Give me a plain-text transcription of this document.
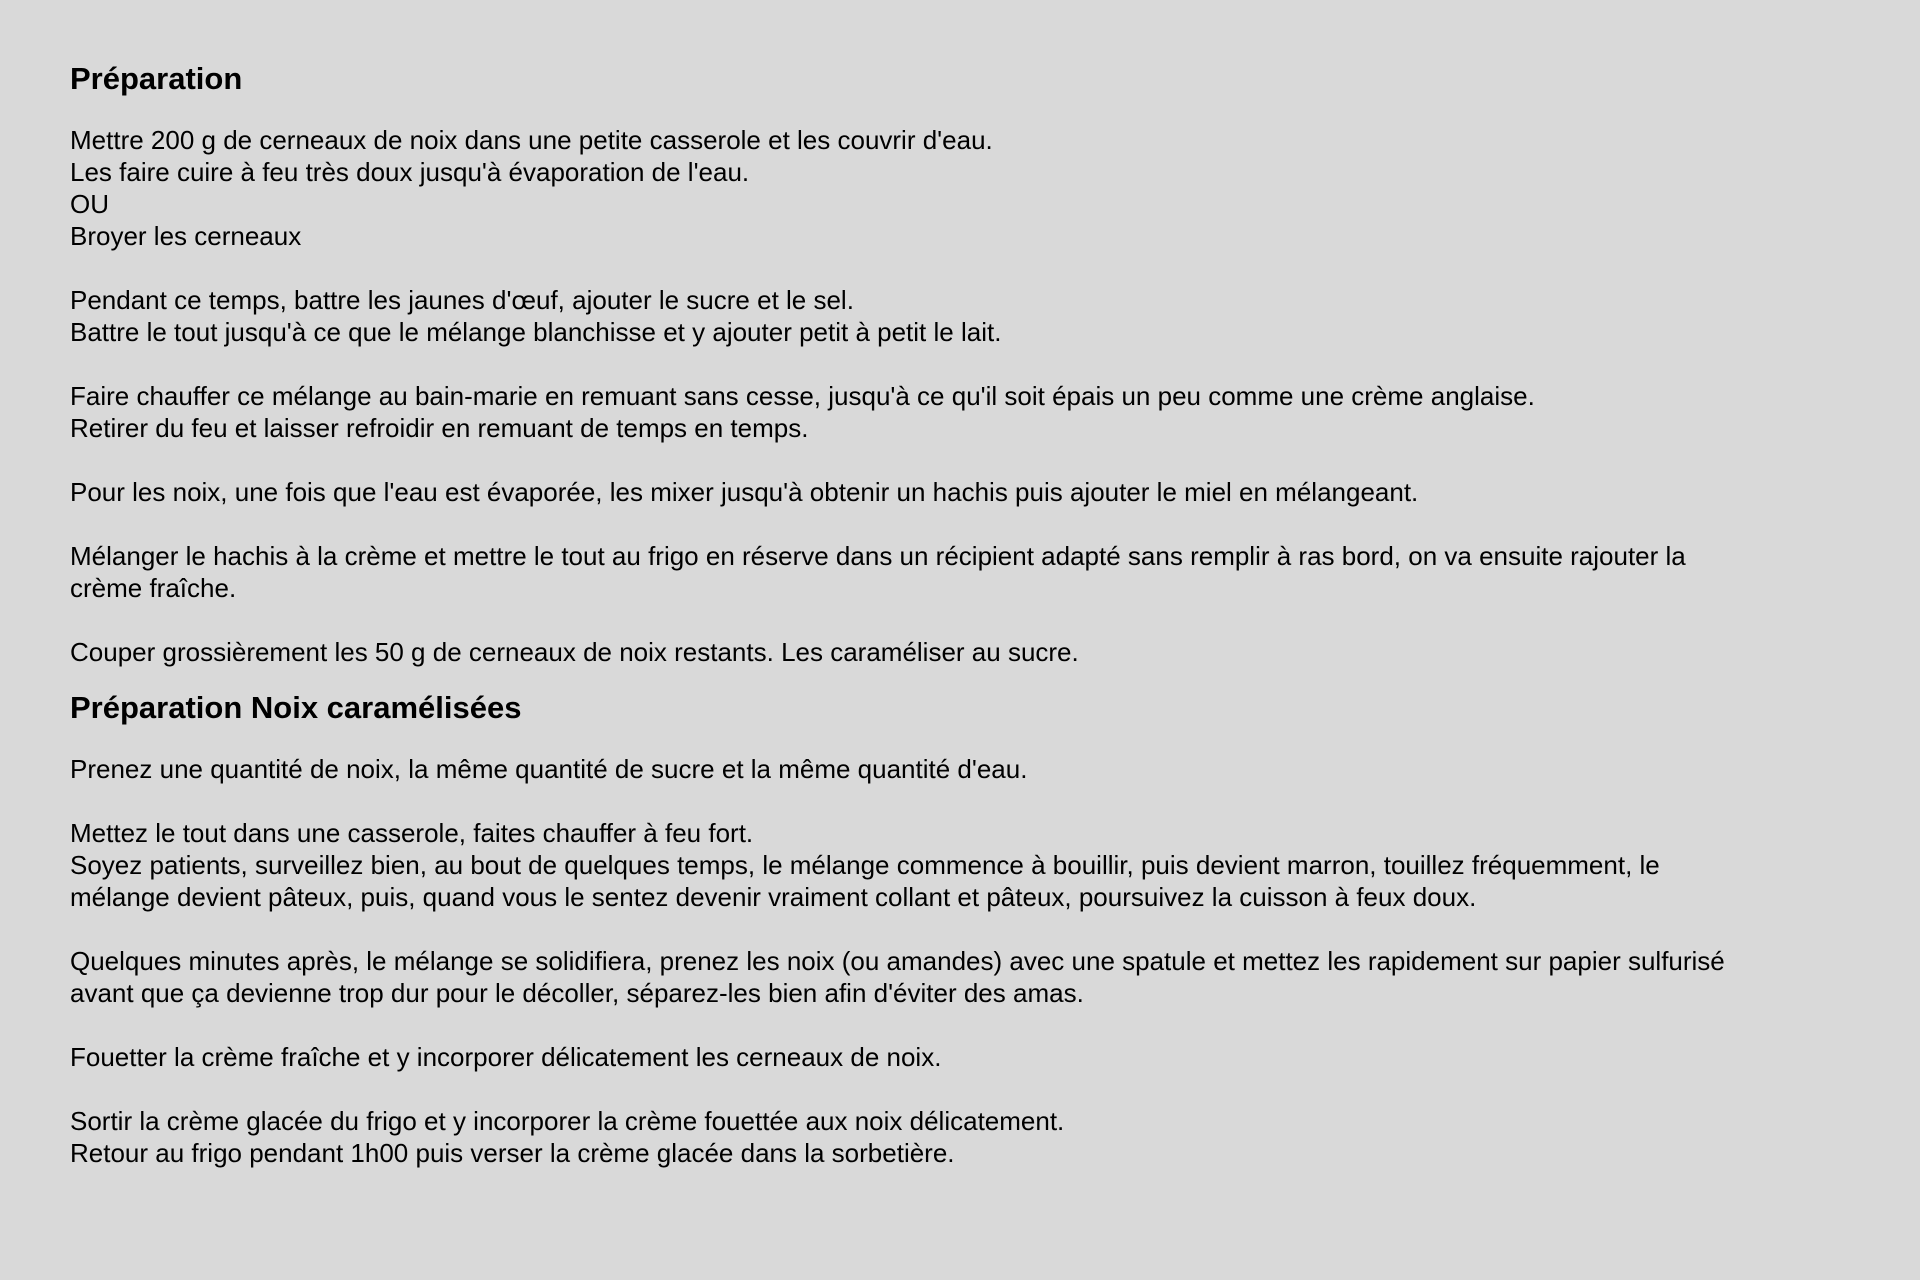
Préparation

Mettre 200 g de cerneaux de noix dans une petite casserole et les couvrir d'eau.
Les faire cuire à feu très doux jusqu'à évaporation de l'eau.
OU
Broyer les cerneaux

Pendant ce temps, battre les jaunes d'œuf, ajouter le sucre et le sel.
Battre le tout jusqu'à ce que le mélange blanchisse et y ajouter petit à petit le lait.

Faire chauffer ce mélange au bain-marie en remuant sans cesse, jusqu'à ce qu'il soit épais un peu comme une crème anglaise.
Retirer du feu et laisser refroidir en remuant de temps en temps.

Pour les noix, une fois que l'eau est évaporée, les mixer jusqu'à obtenir un hachis puis ajouter le miel en mélangeant.

Mélanger le hachis à la crème et mettre le tout au frigo en réserve dans un récipient adapté sans remplir à ras bord, on va ensuite rajouter la
crème fraîche.

Couper grossièrement les 50 g de cerneaux de noix restants. Les caraméliser au sucre.

Préparation Noix caramélisées

Prenez une quantité de noix, la même quantité de sucre et la même quantité d'eau.

Mettez le tout dans une casserole, faites chauffer à feu fort.
Soyez patients, surveillez bien, au bout de quelques temps, le mélange commence à bouillir, puis devient marron, touillez fréquemment, le
mélange devient pâteux, puis, quand vous le sentez devenir vraiment collant et pâteux, poursuivez la cuisson à feux doux.

Quelques minutes après, le mélange se solidifiera, prenez les noix (ou amandes) avec une spatule et mettez les rapidement sur papier sulfurisé
avant que ça devienne trop dur pour le décoller, séparez-les bien afin d'éviter des amas.

Fouetter la crème fraîche et y incorporer délicatement les cerneaux de noix.

Sortir la crème glacée du frigo et y incorporer la crème fouettée aux noix délicatement.
Retour au frigo pendant 1h00 puis verser la crème glacée dans la sorbetière.
